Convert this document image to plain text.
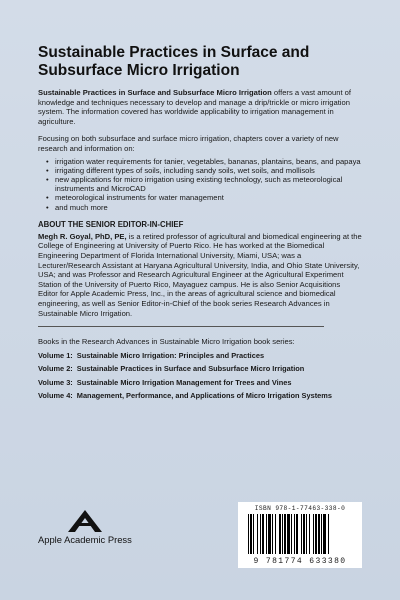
Sustainable Practices in Surface and Subsurface Micro Irrigation

Sustainable Practices in Surface and Subsurface Micro Irrigation offers a vast amount of knowledge and techniques necessary to develop and manage a drip/trickle or micro irrigation system. The information covered has worldwide applicability to irrigation management in agriculture.

Focusing on both subsurface and surface micro irrigation, chapters cover a variety of new research and information on:

• irrigation water requirements for tanier, vegetables, bananas, plantains, beans, and papaya
• irrigating different types of soils, including sandy soils, wet soils, and mollisols
• new applications for micro irrigation using existing technology, such as meteorological instruments and MicroCAD
• meteorological instruments for water management
• and much more
ABOUT THE SENIOR EDITOR-IN-CHIEF

Megh R. Goyal, PhD, PE, is a retired professor of agricultural and biomedical engineering at the College of Engineering at University of Puerto Rico. He has worked at the Biomedical Engineering Department of Florida International University, Miami, USA; was a Lecturer/Research Assistant at Haryana Agricultural University, India, and Ohio State University, USA; and was Professor and Research Agricultural Engineer at the Agricultural Experiment Station of the University of Puerto Rico, Mayaguez campus. He is also Senior Acquisitions Editor for Apple Academic Press, Inc., in the areas of agricultural science and biomedical engineering, as well as Senior Editor-in-Chief of the book series Research Advances in Sustainable Micro Irrigation.

Books in the Research Advances in Sustainable Micro Irrigation book series:

Volume 1: Sustainable Micro Irrigation: Principles and Practices
Volume 2: Sustainable Practices in Surface and Subsurface Micro Irrigation
Volume 3: Sustainable Micro Irrigation Management for Trees and Vines
Volume 4: Management, Performance, and Applications of Micro Irrigation Systems
Apple Academic Press
ISBN 978-1-77463-338-0
9 781774 633380
